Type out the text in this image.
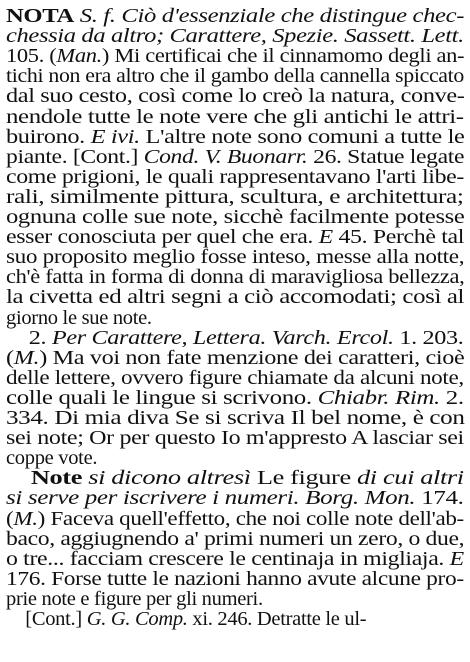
NOTA S. f. Ciò d'essenziale che distingue chec-
chessia da altro; Carattere, Spezie. Sassett. Lett.
105. (Man.) Mi certificai che il cinnamomo degli an-
tichi non era altro che il gambo della cannella spiccato
dal suo cesto, così come lo creò la natura, conve-
nendole tutte le note vere che gli antichi le attri-
buirono. E ivi. L'altre note sono comuni a tutte le
piante. [Cont.] Cond. V. Buonarr. 26. Statue legate
come prigioni, le quali rappresentavano l'arti libe-
rali, similmente pittura, scultura, e architettura;
ognuna colle sue note, sicchè facilmente potesse
esser conosciuta per quel che era. E 45. Perchè tal
suo proposito meglio fosse inteso, messe alla notte,
ch'è fatta in forma di donna di maravigliosa bellezza,
la civetta ed altri segni a ciò accomodati; così al
giorno le sue note.
2. Per Carattere, Lettera. Varch. Ercol. 1. 203.
(M.) Ma voi non fate menzione dei caratteri, cioè
delle lettere, ovvero figure chiamate da alcuni note,
colle quali le lingue si scrivono. Chiabr. Rim. 2.
334. Di mia diva Se si scriva Il bel nome, è con
sei note; Or per questo Io m'appresto A lasciar sei
coppe vote.
Note si dicono altresì Le figure di cui altri
si serve per iscrivere i numeri. Borg. Mon. 174.
(M.) Faceva quell'effetto, che noi colle note dell'ab-
baco, aggiugnendo a' primi numeri un zero, o due,
o tre... facciam crescere le centinaja in migliaja. E
176. Forse tutte le nazioni hanno avute alcune pro-
prie note e figure per gli numeri.
[Cont.] G. G. Comp. xi. 246. Detratte le ul-
